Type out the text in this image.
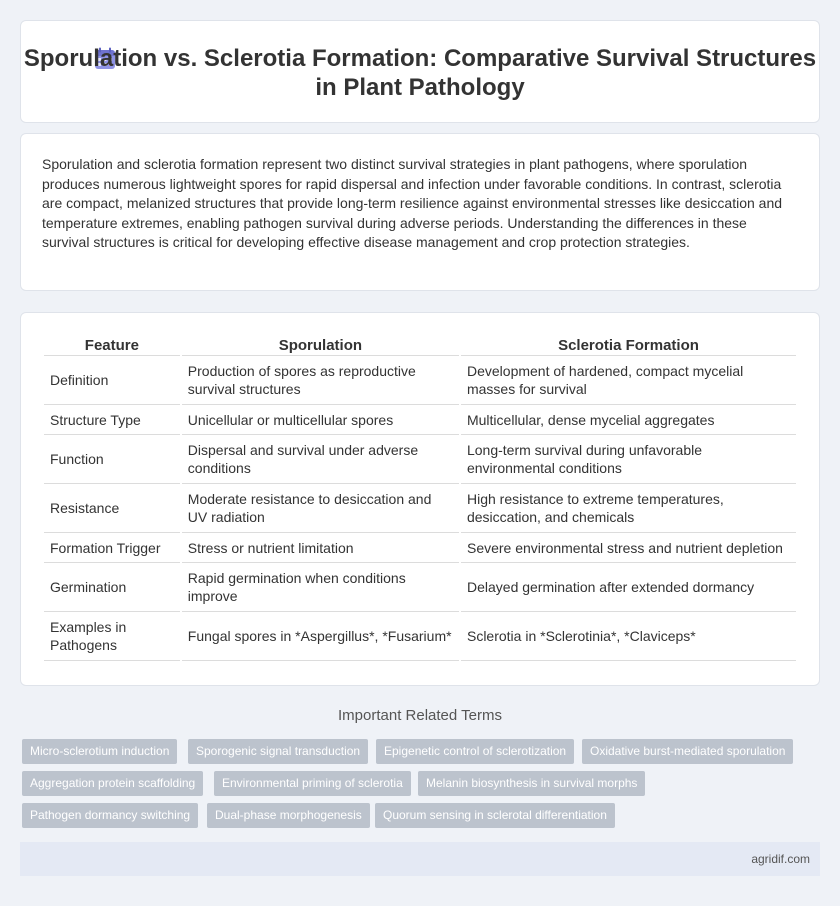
Sporulation vs. Sclerotia Formation: Comparative Survival Structures in Plant Pathology

Sporulation and sclerotia formation represent two distinct survival strategies in plant pathogens, where sporulation produces numerous lightweight spores for rapid dispersal and infection under favorable conditions. In contrast, sclerotia are compact, melanized structures that provide long-term resilience against environmental stresses like desiccation and temperature extremes, enabling pathogen survival during adverse periods. Understanding the differences in these survival structures is critical for developing effective disease management and crop protection strategies.

Feature	Sporulation	Sclerotia Formation
Definition	Production of spores as reproductive survival structures	Development of hardened, compact mycelial masses for survival
Structure Type	Unicellular or multicellular spores	Multicellular, dense mycelial aggregates
Function	Dispersal and survival under adverse conditions	Long-term survival during unfavorable environmental conditions
Resistance	Moderate resistance to desiccation and UV radiation	High resistance to extreme temperatures, desiccation, and chemicals
Formation Trigger	Stress or nutrient limitation	Severe environmental stress and nutrient depletion
Germination	Rapid germination when conditions improve	Delayed germination after extended dormancy
Examples in Pathogens	Fungal spores in *Aspergillus*, *Fusarium*	Sclerotia in *Sclerotinia*, *Claviceps*
Important Related Terms
Micro-sclerotium induction	Sporogenic signal transduction	Epigenetic control of sclerotization	Oxidative burst-mediated sporulation
Aggregation protein scaffolding	Environmental priming of sclerotia	Melanin biosynthesis in survival morphs
Pathogen dormancy switching	Dual-phase morphogenesis	Quorum sensing in sclerotal differentiation
agridif.com
